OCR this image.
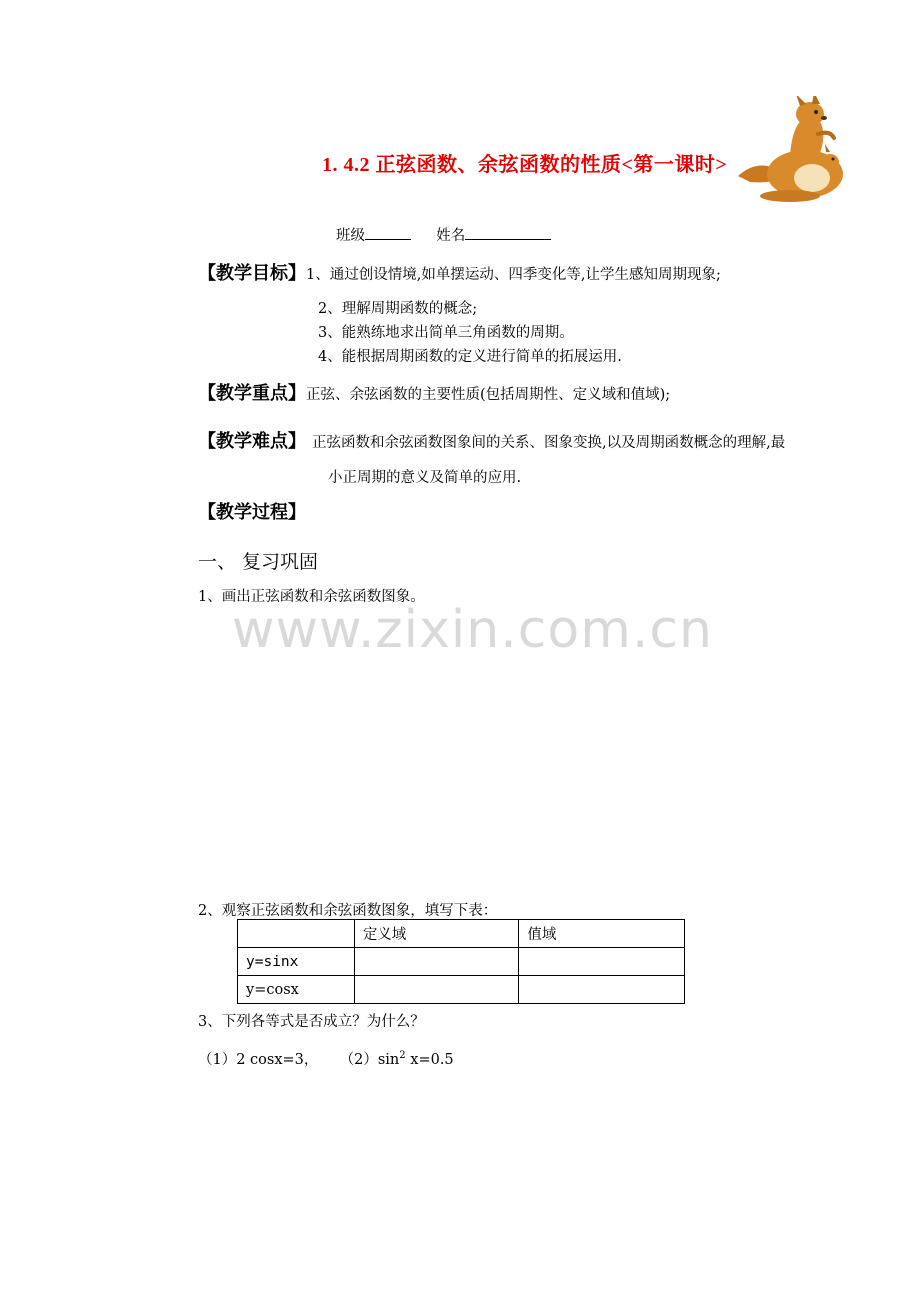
1. 4.2 正弦函数、余弦函数的性质<第一课时>
班级	姓名
【教学目标】1、通过创设情境,如单摆运动、四季变化等,让学生感知周期现象;
2、理解周期函数的概念;
3、能熟练地求出简单三角函数的周期。
4、能根据周期函数的定义进行简单的拓展运用.
【教学重点】正弦、余弦函数的主要性质(包括周期性、定义域和值域);
【教学难点】 正弦函数和余弦函数图象间的关系、图象变换,以及周期函数概念的理解,最
小正周期的意义及简单的应用.
【教学过程】
一、 复习巩固
1、画出正弦函数和余弦函数图象。
www.zixin.com.cn
2、观察正弦函数和余弦函数图象，填写下表：
	定义域	值域
y=sinx		
y=cosx		
3、下列各等式是否成立？为什么？
（1）2 cosx=3， $(2)\sin^2$ x=0.5
